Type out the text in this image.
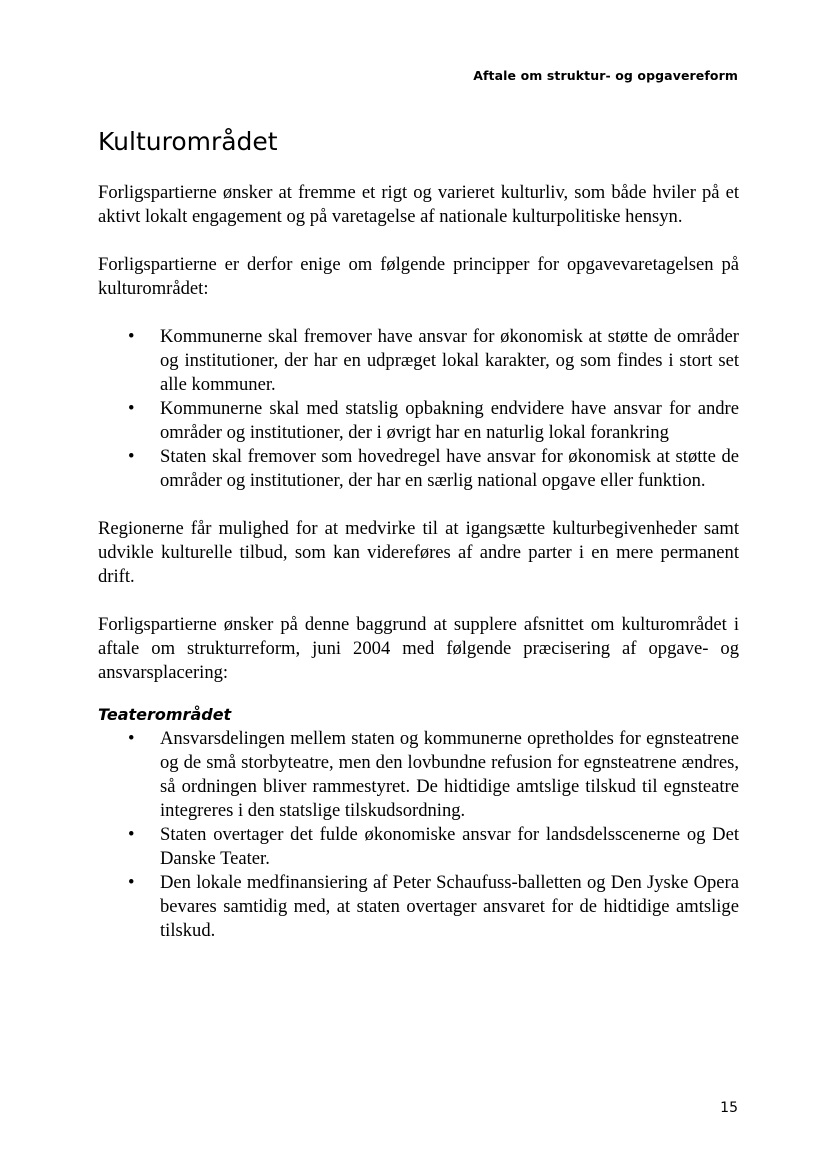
Aftale om struktur- og opgavereform
Kulturområdet

Forligspartierne ønsker at fremme et rigt og varieret kulturliv, som både hviler på et aktivt lokalt engagement og på varetagelse af nationale kulturpolitiske hensyn.

Forligspartierne er derfor enige om følgende principper for opgavevaretagelsen på kulturområdet:

•	Kommunerne skal fremover have ansvar for økonomisk at støtte de områder og institutioner, der har en udpræget lokal karakter, og som findes i stort set alle kommuner.
•	Kommunerne skal med statslig opbakning endvidere have ansvar for andre områder og institutioner, der i øvrigt har en naturlig lokal forankring
•	Staten skal fremover som hovedregel have ansvar for økonomisk at støtte de områder og institutioner, der har en særlig national opgave eller funktion.

Regionerne får mulighed for at medvirke til at igangsætte kulturbegivenheder samt udvikle kulturelle tilbud, som kan videreføres af andre parter i en mere permanent drift.

Forligspartierne ønsker på denne baggrund at supplere afsnittet om kulturområdet i aftale om strukturreform, juni 2004 med følgende præcisering af opgave- og ansvarsplacering:

Teaterområdet
•	Ansvarsdelingen mellem staten og kommunerne opretholdes for egnsteatrene og de små storbyteatre, men den lovbundne refusion for egnsteatrene ændres, så ordningen bliver rammestyret. De hidtidige amtslige tilskud til egnsteatre integreres i den statslige tilskudsordning.
•	Staten overtager det fulde økonomiske ansvar for landsdelsscenerne og Det Danske Teater.
•	Den lokale medfinansiering af Peter Schaufuss-balletten og Den Jyske Opera bevares samtidig med, at staten overtager ansvaret for de hidtidige amtslige tilskud.
15
